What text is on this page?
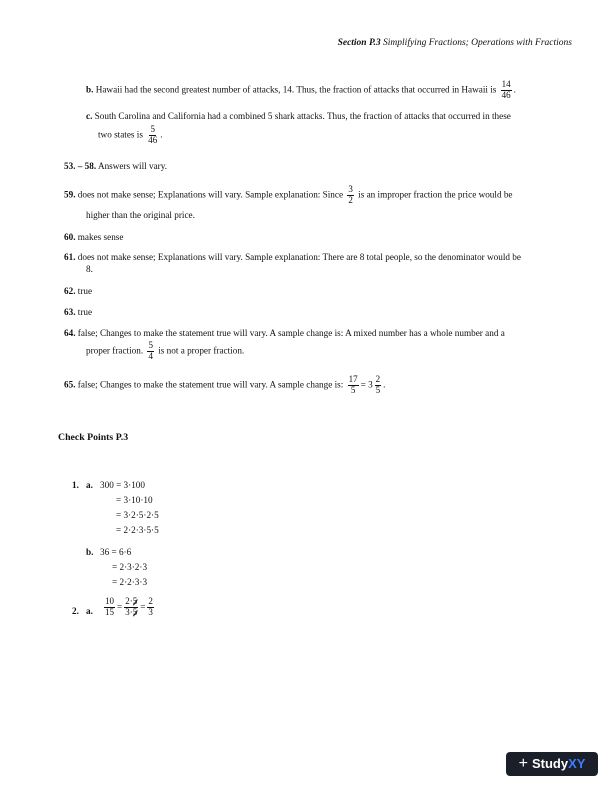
Section P.3 Simplifying Fractions; Operations with Fractions
b. Hawaii had the second greatest number of attacks, 14. Thus, the fraction of attacks that occurred in Hawaii is $\frac{14}{46}$ .
c. South Carolina and California had a combined 5 shark attacks. Thus, the fraction of attacks that occurred in these
two states is $\frac{5}{46}$ .
53. – 58. Answers will vary.
59. does not make sense; Explanations will vary. Sample explanation: Since $\frac{3}{2}$ is an improper fraction the price would be
higher than the original price.
60. makes sense
61. does not make sense; Explanations will vary. Sample explanation: There are 8 total people, so the denominator would be
8.
62. true
63. true
64. false; Changes to make the statement true will vary. A sample change is: A mixed number has a whole number and a
proper fraction. $\frac{5}{4}$ is not a proper fraction.
65. false; Changes to make the statement true will vary. A sample change is: $\frac{17}{5} = 3 \frac{2}{5}$ .
Check Points P.3
1. a. 300 = 3·100
= 3·10·10
= 3·2·5·2·5
= 2·2·3·5·5
b. 36 = 6·6
= 2·3·2·3
= 2·2·3·3
2. a. $\frac{10}{15} = \frac{2\cdot 5}{3\cdot 5} = \frac{2}{3}$
+ Study XY
